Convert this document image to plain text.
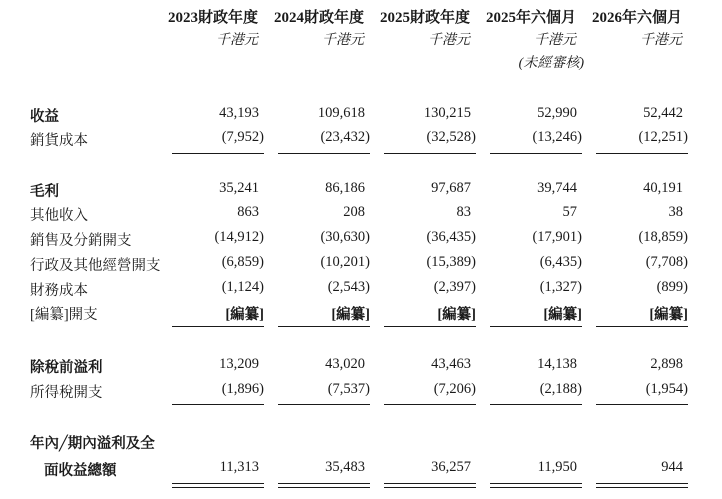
2023財政年度	2024財政年度	2025財政年度	2025年六個月	2026年六個月
千港元	千港元	千港元	千港元	千港元
(未經審核)
收益	43,193	109,618	130,215	52,990	52,442
銷貨成本	(7,952)	(23,432)	(32,528)	(13,246)	(12,251)
毛利	35,241	86,186	97,687	39,744	40,191
其他收入	863	208	83	57	38
銷售及分銷開支	(14,912)	(30,630)	(36,435)	(17,901)	(18,859)
行政及其他經營開支	(6,859)	(10,201)	(15,389)	(6,435)	(7,708)
財務成本	(1,124)	(2,543)	(2,397)	(1,327)	(899)
[編纂]開支	[編纂]	[編纂]	[編纂]	[編纂]	[編纂]
除稅前溢利	13,209	43,020	43,463	14,138	2,898
所得稅開支	(1,896)	(7,537)	(7,206)	(2,188)	(1,954)
年內╱期內溢利及全
面收益總額	11,313	35,483	36,257	11,950	944
